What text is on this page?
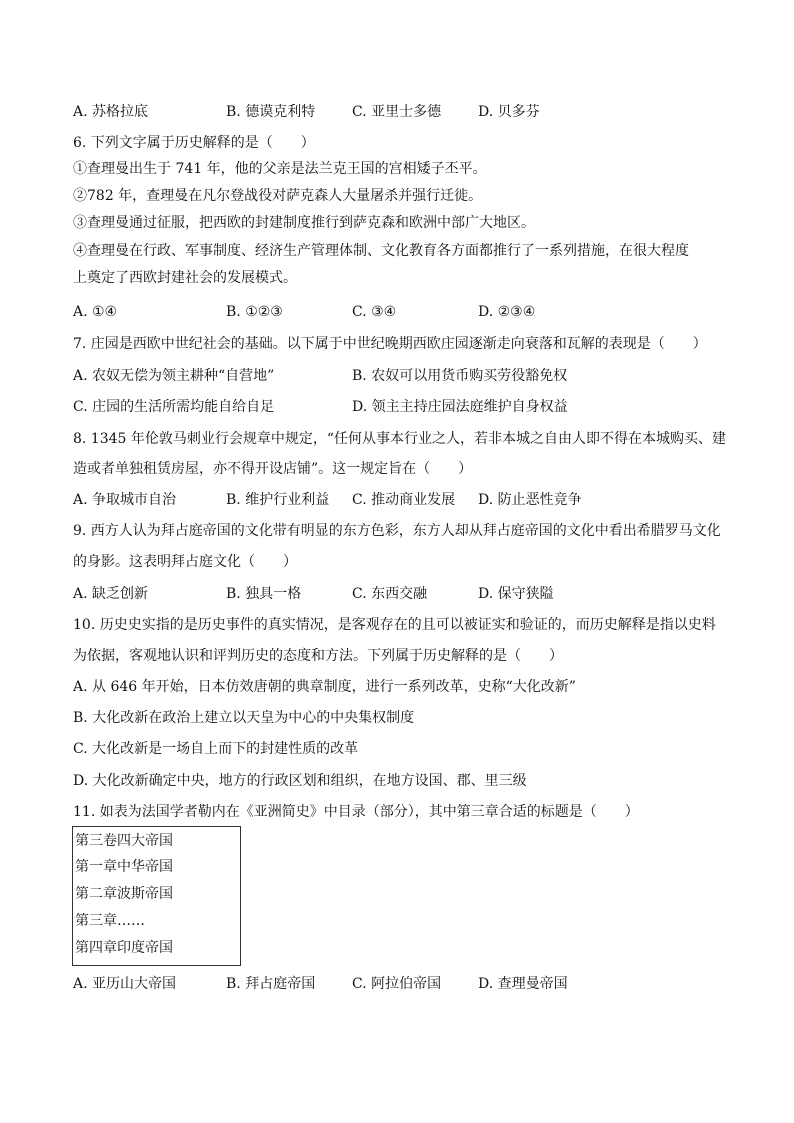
A. 苏格拉底	B. 德谟克利特	C. 亚里士多德	D. 贝多芬
6. 下列文字属于历史解释的是（　　）
①查理曼出生于 741 年，他的父亲是法兰克王国的宫相矮子丕平。
②782 年，查理曼在凡尔登战役对萨克森人大量屠杀并强行迁徙。
③查理曼通过征服，把西欧的封建制度推行到萨克森和欧洲中部广大地区。
④查理曼在行政、军事制度、经济生产管理体制、文化教育各方面都推行了一系列措施，在很大程度
上奠定了西欧封建社会的发展模式。
A. ①④	B. ①②③	C. ③④	D. ②③④
7. 庄园是西欧中世纪社会的基础。以下属于中世纪晚期西欧庄园逐渐走向衰落和瓦解的表现是（　　）
A. 农奴无偿为领主耕种“自营地”	B. 农奴可以用货币购买劳役豁免权
C. 庄园的生活所需均能自给自足	D. 领主主持庄园法庭维护自身权益
8. 1345 年伦敦马刺业行会规章中规定，“任何从事本行业之人，若非本城之自由人即不得在本城购买、建
造或者单独租赁房屋，亦不得开设店铺”。这一规定旨在（　　）
A. 争取城市自治	B. 维护行业利益 C. 推动商业发展 D. 防止恶性竞争
9. 西方人认为拜占庭帝国的文化带有明显的东方色彩，东方人却从拜占庭帝国的文化中看出希腊罗马文化
的身影。这表明拜占庭文化（　　）
A. 缺乏创新	B. 独具一格	C. 东西交融	D. 保守狭隘
10. 历史史实指的是历史事件的真实情况，是客观存在的且可以被证实和验证的，而历史解释是指以史料
为依据，客观地认识和评判历史的态度和方法。下列属于历史解释的是（　　）
A. 从 646 年开始，日本仿效唐朝的典章制度，进行一系列改革，史称“大化改新”
B. 大化改新在政治上建立以天皇为中心的中央集权制度
C. 大化改新是一场自上而下的封建性质的改革
D. 大化改新确定中央，地方的行政区划和组织，在地方设国、郡、里三级
11. 如表为法国学者勒内在《亚洲简史》中目录（部分），其中第三章合适的标题是（　　）
第三卷四大帝国
第一章中华帝国
第二章波斯帝国
第三章……
第四章印度帝国
A. 亚历山大帝国	B. 拜占庭帝国	C. 阿拉伯帝国	D. 查理曼帝国
